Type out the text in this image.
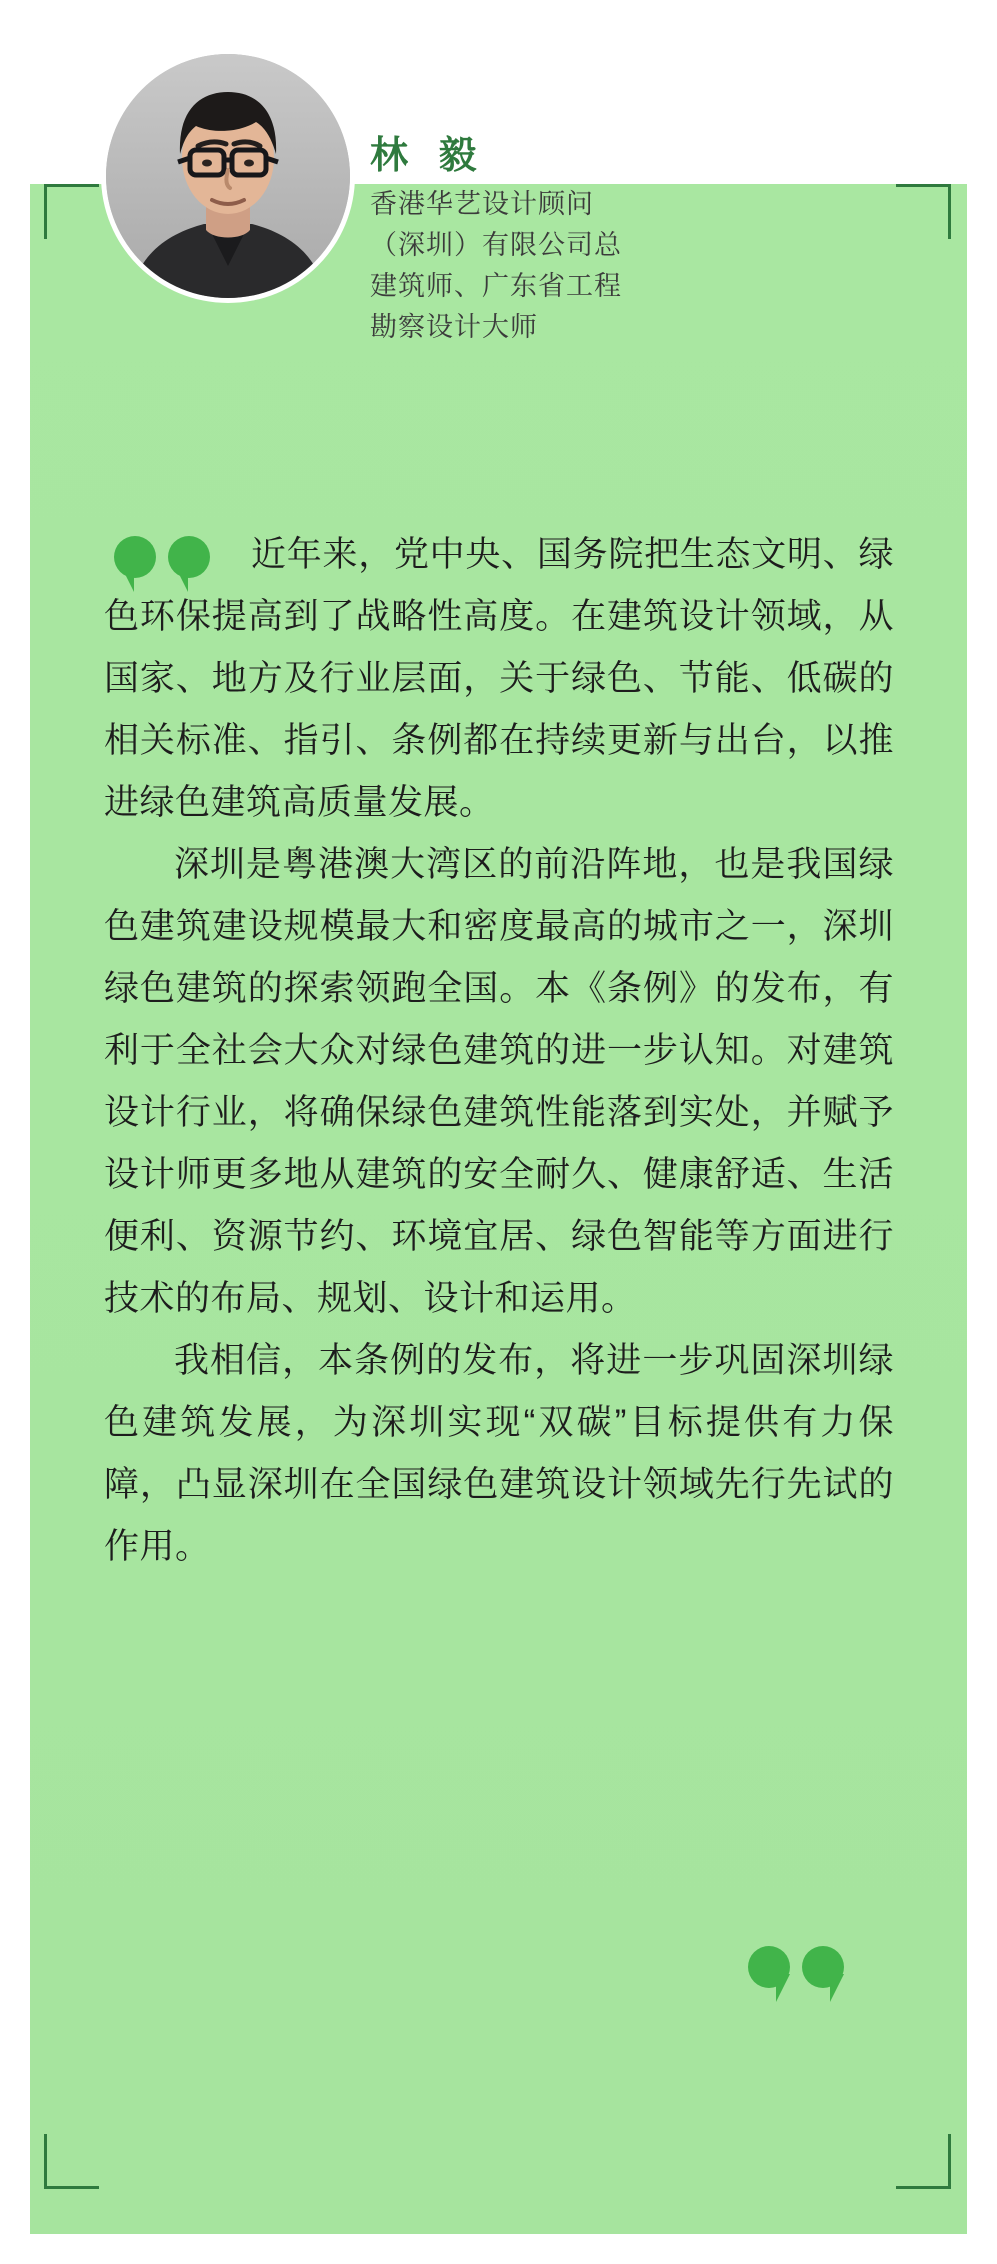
林 毅
香港华艺设计顾问
（深圳）有限公司总
建筑师、广东省工程
勘察设计大师

近年来，党中央、国务院把生态文明、绿色环保提高到了战略性高度。在建筑设计领域，从国家、地方及行业层面，关于绿色、节能、低碳的相关标准、指引、条例都在持续更新与出台，以推进绿色建筑高质量发展。

深圳是粤港澳大湾区的前沿阵地，也是我国绿色建筑建设规模最大和密度最高的城市之一，深圳绿色建筑的探索领跑全国。本《条例》的发布，有利于全社会大众对绿色建筑的进一步认知。对建筑设计行业，将确保绿色建筑性能落到实处，并赋予设计师更多地从建筑的安全耐久、健康舒适、生活便利、资源节约、环境宜居、绿色智能等方面进行技术的布局、规划、设计和运用。

我相信，本条例的发布，将进一步巩固深圳绿色建筑发展，为深圳实现“双碳”目标提供有力保障，凸显深圳在全国绿色建筑设计领域先行先试的作用。
